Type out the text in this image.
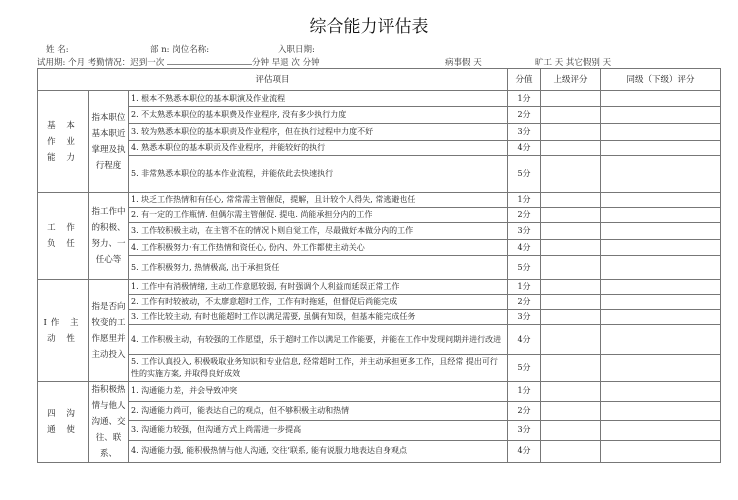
综合能力评估表
姓 名:	部 n: 岗位名称:	入职日期:
试用期: 个月 考勤情况：迟到一次	分钟 早退 次 分钟	病事假 天	旷工 天 其它假别 天
评估项目			分值	上级评分	同级（下级）评分
基 本 作 业 能 力	指本职位基本职近掌理及执行程度	1. 根本不熟悉本职位的基本职演及作业流程	1分		
		2. 不太熟悉本职位的基本职费及作业程序, 没有多少执行力度	2分		
		3. 较为熟悉本职位的基本职责及作业程序，但在执行过程中力度不好	3分		
		4. 熟悉本职位的基本职贡及作业程序，并能较好的执行	4分		
		5. 非常熟悉本职位的基本作业流程，并能依此去快速执行	5分		
工 作 负 任	指工作中的积极、努力、一任心等	1. 块乏工作热情和有任心, 常常需主管催促，提解，且计较个人得失, 常逃避也任	1分		
		2. 有一定的工作瓶情. 但偶尔需主管催促. 提电. 尚能承担分内的工作	2分		
		3. 工作较积极主动，在主管不在的情况卜则自觉工作，尽最做好本做分内的工作	3分		
		4. 工作积极努力·有工作热情和资任心, 份内、外工作都使主动关心	4分		
		5. 工作积极努力, 热情极高, 出于承担货任	5分		
I作 主 动 性	指是否向牧变的工作愿里并主动投入	1. 工作中有消极情绪, 主动工作意愿较弱, 有时强调个人利益而延误正常工作	1分		
		2. 工作有时较被动，不太廖意超时工作，工作有时拖延，但督促后尚能完成	2分		
		3. 工作比较主动, 有时也能超时工作以满足需要, 虽偶有知误，但基本能完成任务	3分		
		4. 工作积极主动，有较强的工作愿望，乐于超时工作以满足工作能要，并能在工作中发现问期并进行改进	4分		
		5. 工作认真投入, 积极吸取业务知识和专业信息, 经常超时工作，并主动承担更多工作，且经常 提出可行性的实施方案, 并取得良好成效	5分		
四 沟 通 使	指积极热情与他人沟通、交往、联系、	1. 沟通能力差，并会导致冲突	1分		
		2. 沟通能力尚可，能表达自己的观点，但不够积极主动和热情	2分		
		3. 沟通能力较强，但沟通方式上尚需进一步提高	3分		
		4. 沟通能力强, 能积极热情与他人沟通, 交往’联系, 能有说服力地表达自身观点	4分		
